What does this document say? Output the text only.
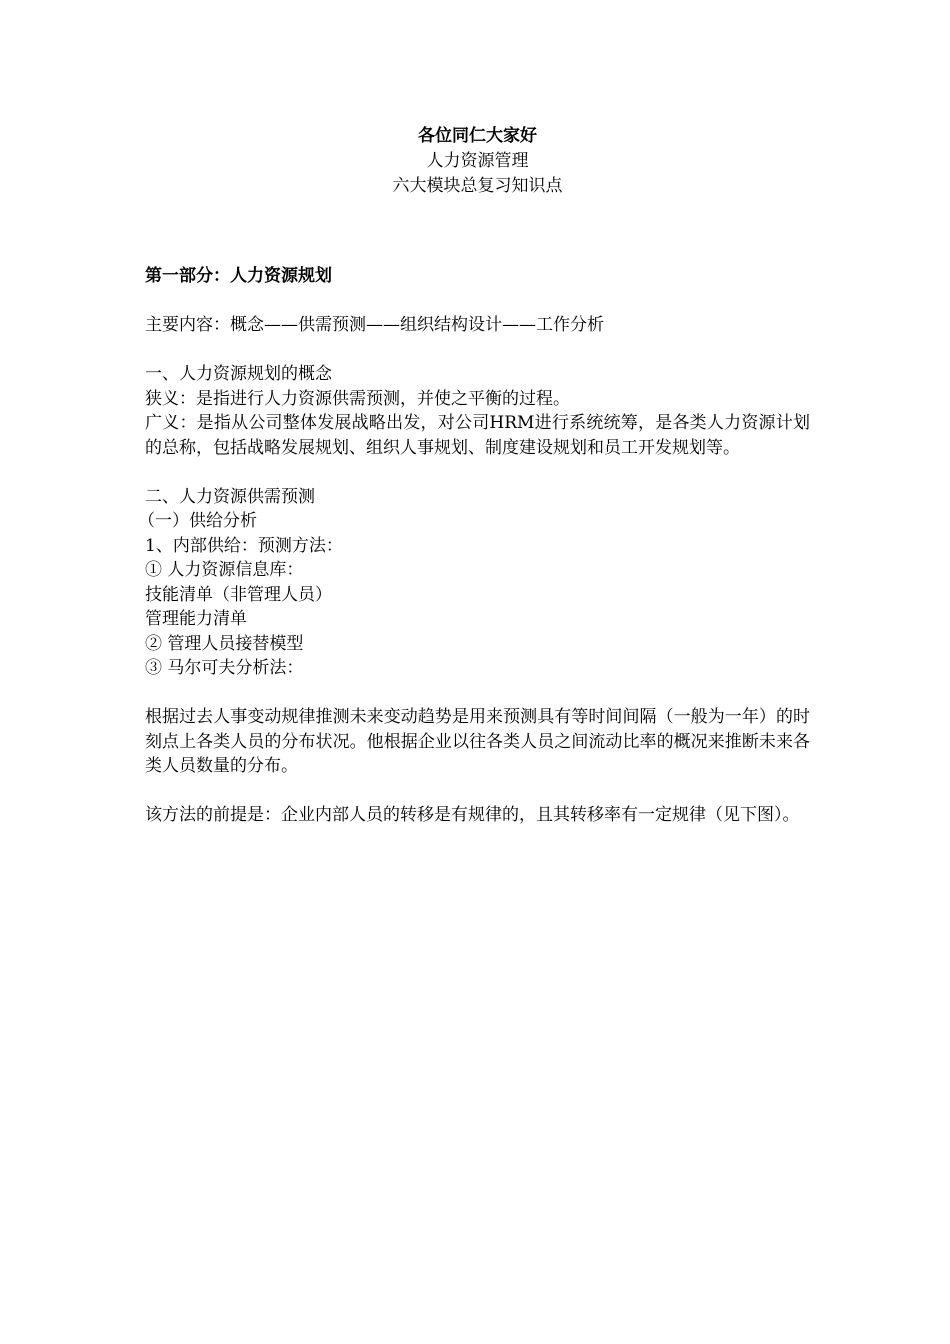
各位同仁大家好
人力资源管理
六大模块总复习知识点
第一部分：人力资源规划
主要内容：概念——供需预测——组织结构设计——工作分析
一、人力资源规划的概念
狭义：是指进行人力资源供需预测，并使之平衡的过程。
广义：是指从公司整体发展战略出发，对公司HRM进行系统统筹，是各类人力资源计划的总称，包括战略发展规划、组织人事规划、制度建设规划和员工开发规划等。
二、人力资源供需预测
（一）供给分析
1、内部供给：预测方法：
① 人力资源信息库：
技能清单（非管理人员）
管理能力清单
② 管理人员接替模型
③ 马尔可夫分析法：
根据过去人事变动规律推测未来变动趋势是用来预测具有等时间间隔（一般为一年）的时刻点上各类人员的分布状况。他根据企业以往各类人员之间流动比率的概况来推断未来各类人员数量的分布。
该方法的前提是：企业内部人员的转移是有规律的，且其转移率有一定规律（见下图）。
